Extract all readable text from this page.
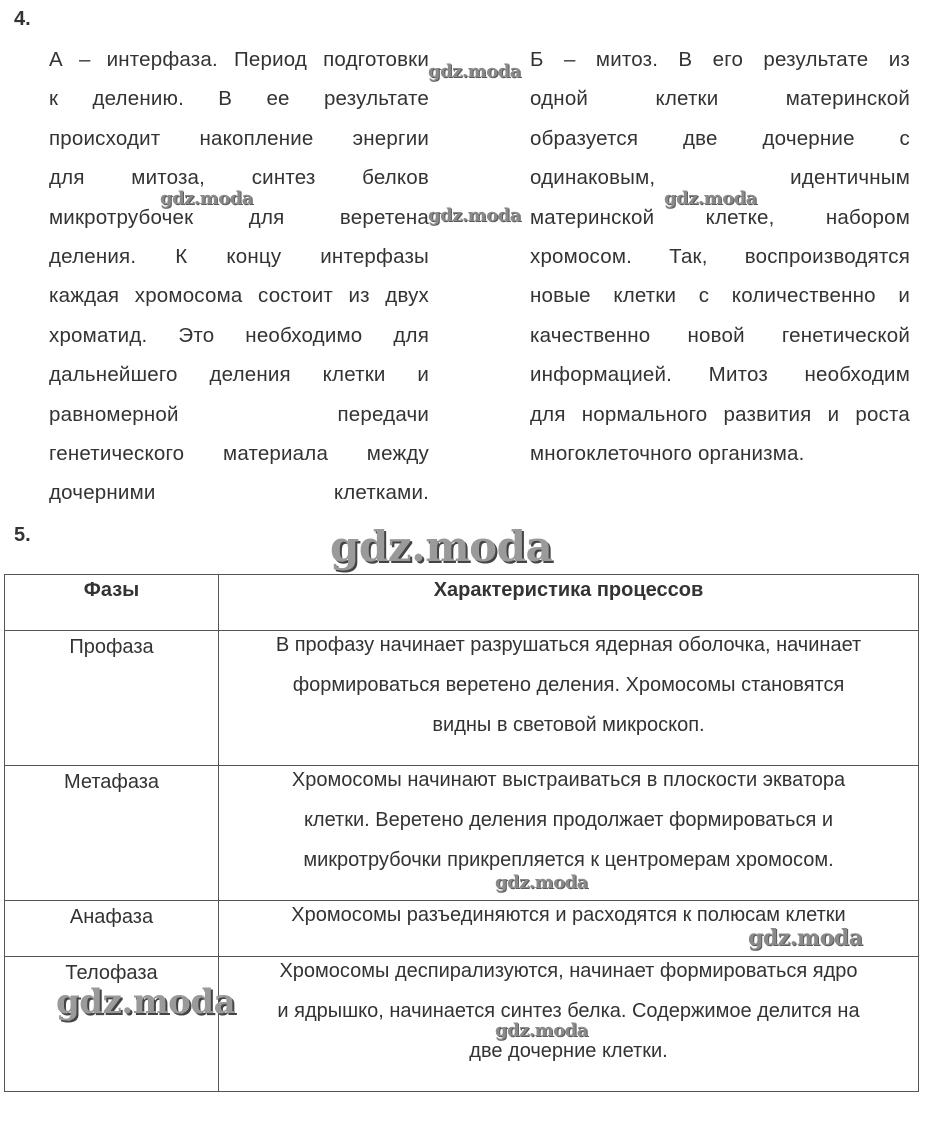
4.
А – интерфаза. Период подготовки
к делению. В ее результате
происходит накопление энергии
для митоза, синтез белков
микротрубочек для веретена
деления. К концу интерфазы
каждая хромосома состоит из двух
хроматид. Это необходимо для
дальнейшего деления клетки и
равномерной передачи
генетического материала между
дочерними клетками.
Б – митоз. В его результате из
одной клетки материнской
образуется две дочерние с
одинаковым, идентичным
материнской клетке, набором
хромосом. Так, воспроизводятся
новые клетки с количественно и
качественно новой генетической
информацией. Митоз необходим
для нормального развития и роста
многоклеточного организма.
5.
Фазы	Характеристика процессов

Профаза	В профазу начинает разрушаться ядерная оболочка, начинает
формироваться веретено деления. Хромосомы становятся
видны в световой микроскоп.

Метафаза	Хромосомы начинают выстраиваться в плоскости экватора
клетки. Веретено деления продолжает формироваться и
микротрубочки прикрепляется к центромерам хромосом.

Анафаза	Хромосомы разъединяются и расходятся к полюсам клетки

Телофаза	Хромосомы деспирализуются, начинает формироваться ядро
и ядрышко, начинается синтез белка. Содержимое делится на
две дочерние клетки.
gdz.moda
gdz.moda
gdz.moda
gdz.moda
gdz.moda
gdz.moda
gdz.moda
gdz.moda
gdz.moda
